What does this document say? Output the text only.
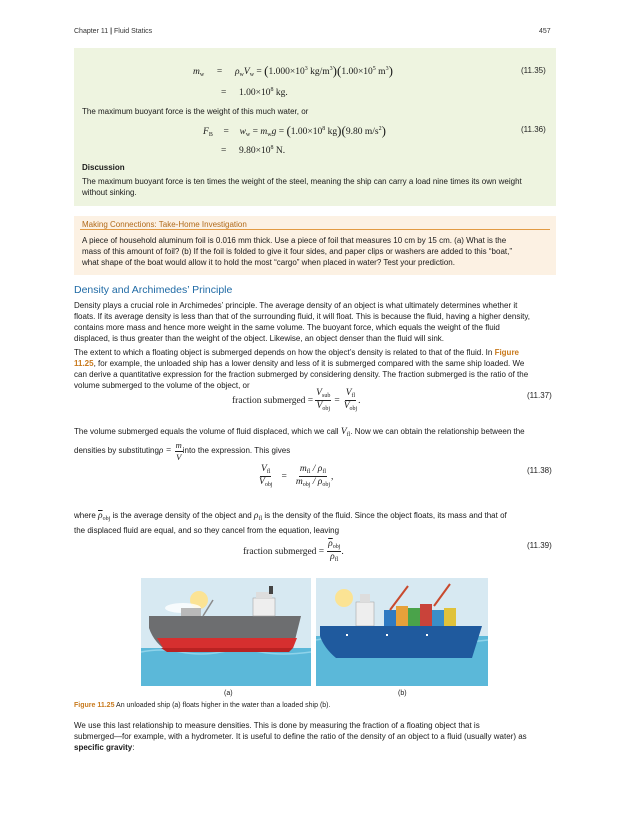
Chapter 11 | Fluid Statics	457
$m_w = \rho_wV_w = (1.000\times 10^3$ $kg/m^3)(1.00\times 10^5$ $m^3$)	(11.35)
= $1.00\times 10^8$ kg.
The maximum buoyant force is the weight of this much water, or
$F_B = w_w = m_wg = (1.00\times 10^8$ kg)(9.80 $m/s^2$)	(11.36)
= $9.80\times 10^8$ N.
Discussion
The maximum buoyant force is ten times the weight of the steel, meaning the ship can carry a load nine times its own weight
without sinking.
Making Connections: Take-Home Investigation
A piece of household aluminum foil is 0.016 mm thick. Use a piece of foil that measures 10 cm by 15 cm. (a) What is the
mass of this amount of foil? (b) If the foil is folded to give it four sides, and paper clips or washers are added to this “boat,”
what shape of the boat would allow it to hold the most “cargo” when placed in water? Test your prediction.
Density and Archimedes’ Principle
Density plays a crucial role in Archimedes’ principle. The average density of an object is what ultimately determines whether it
floats. If its average density is less than that of the surrounding fluid, it will float. This is because the fluid, having a higher density,
contains more mass and hence more weight in the same volume. The buoyant force, which equals the weight of the fluid
displaced, is thus greater than the weight of the object. Likewise, an object denser than the fluid will sink.
The extent to which a floating object is submerged depends on how the object’s density is related to that of the fluid. In Figure
11.25, for example, the unloaded ship has a lower density and less of it is submerged compared with the same ship loaded. We
can derive a quantitative expression for the fraction submerged by considering density. The fraction submerged is the ratio of the
volume submerged to the volume of the object, or
fraction submerged = $\frac{V_{sub}}{V_{obj}} = \frac{V_{fl}}{V_{obj}}$ .	(11.37)
The volume submerged equals the volume of fluid displaced, which we call $V_{fl}$. Now we can obtain the relationship between the
densities by substituting $\rho = \frac{m}{V}$ into the expression. This gives
$\frac{V_{fl}}{V_{obj}} = \frac{m_{fl} / \rho_{fl}}{m_{obj} / \rho_{obj}}$ ,
(11.38)
where $\overline{\rho}_{obj}$ is the average density of the object and $\rho_{fl}$ is the density of the fluid. Since the object floats, its mass and that of
the displaced fluid are equal, and so they cancel from the equation, leaving
fraction submerged = $\frac{\overline{\rho}_{obj}}{\rho_{fl}}$ .
(11.39)
(a)	(b)
Figure 11.25 An unloaded ship (a) floats higher in the water than a loaded ship (b).
We use this last relationship to measure densities. This is done by measuring the fraction of a floating object that is
submerged—for example, with a hydrometer. It is useful to define the ratio of the density of an object to a fluid (usually water) as
specific gravity:
